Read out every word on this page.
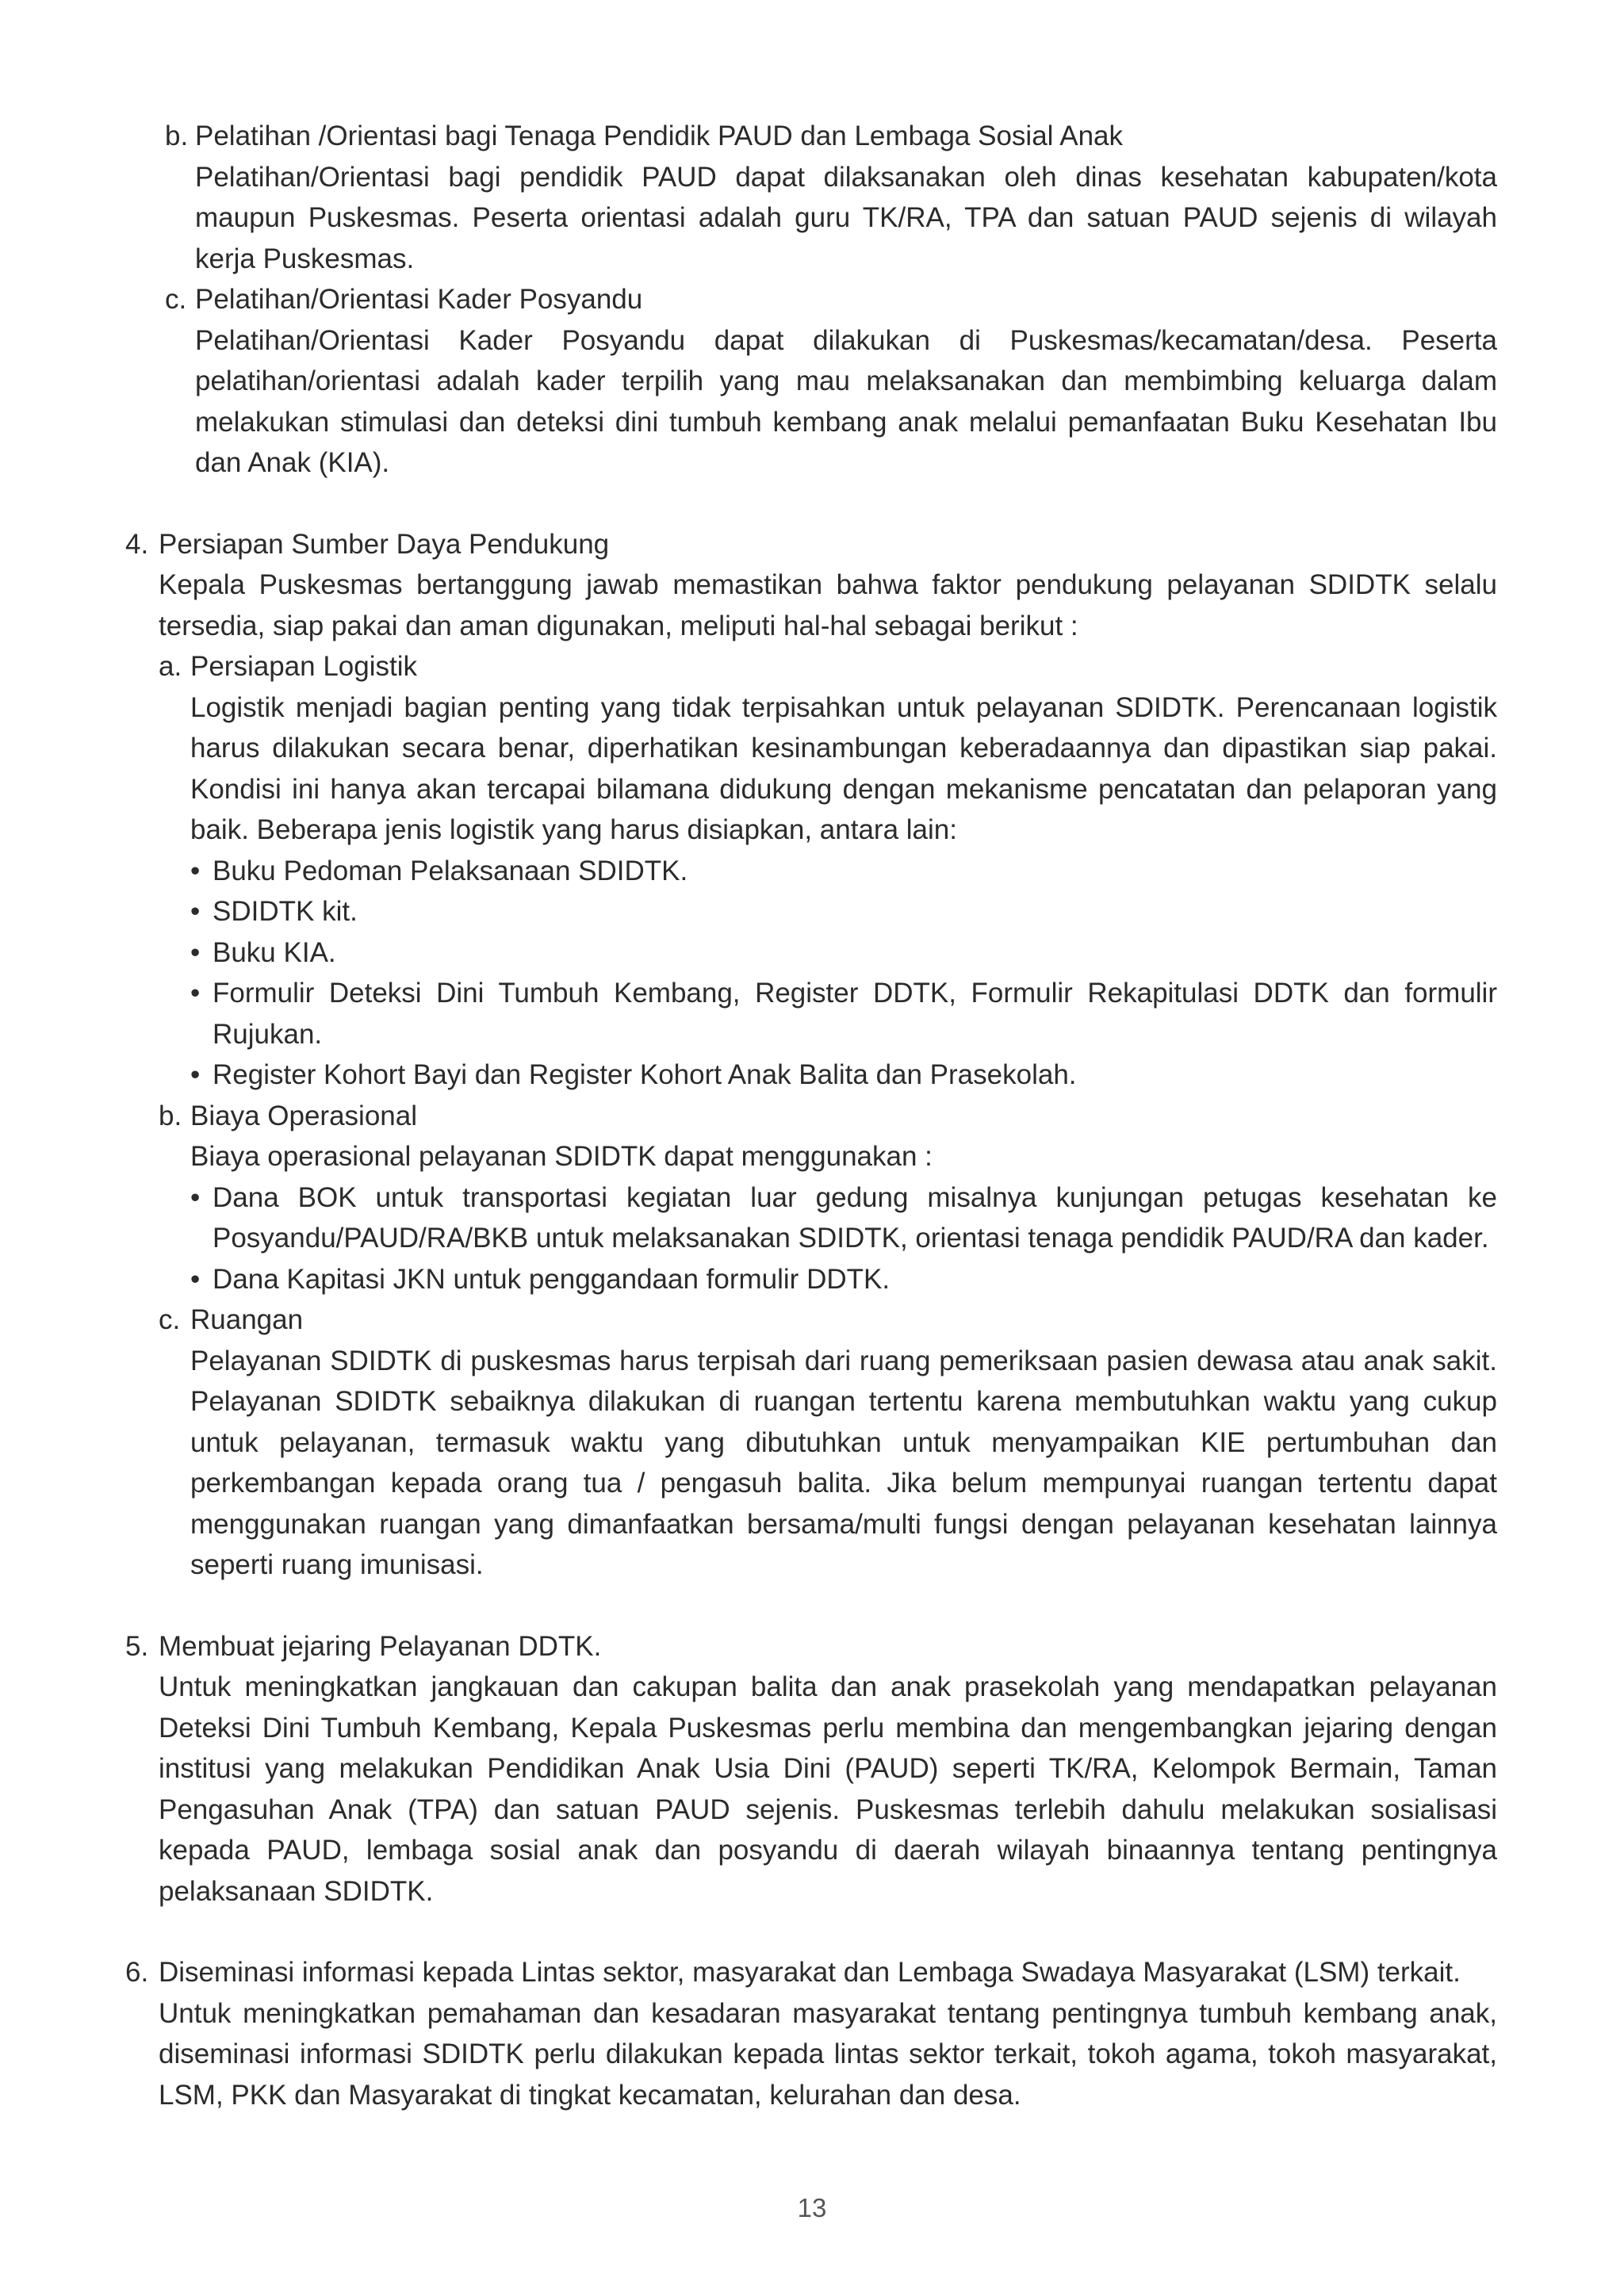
b. Pelatihan /Orientasi bagi Tenaga Pendidik PAUD dan Lembaga Sosial Anak

Pelatihan/Orientasi bagi pendidik PAUD dapat dilaksanakan oleh dinas kesehatan kabupaten/kota maupun Puskesmas. Peserta orientasi adalah guru TK/RA, TPA dan satuan PAUD sejenis di wilayah kerja Puskesmas.

c. Pelatihan/Orientasi Kader Posyandu

Pelatihan/Orientasi Kader Posyandu dapat dilakukan di Puskesmas/kecamatan/desa. Peserta pelatihan/orientasi adalah kader terpilih yang mau melaksanakan dan membimbing keluarga dalam melakukan stimulasi dan deteksi dini tumbuh kembang anak melalui pemanfaatan Buku Kesehatan Ibu dan Anak (KIA).

4. Persiapan Sumber Daya Pendukung

Kepala Puskesmas bertanggung jawab memastikan bahwa faktor pendukung pelayanan SDIDTK selalu tersedia, siap pakai dan aman digunakan, meliputi hal-hal sebagai berikut :

a. Persiapan Logistik

Logistik menjadi bagian penting yang tidak terpisahkan untuk pelayanan SDIDTK. Perencanaan logistik harus dilakukan secara benar, diperhatikan kesinambungan keberadaannya dan dipastikan siap pakai. Kondisi ini hanya akan tercapai bilamana didukung dengan mekanisme pencatatan dan pelaporan yang baik. Beberapa jenis logistik yang harus disiapkan, antara lain:

• Buku Pedoman Pelaksanaan SDIDTK.
• SDIDTK kit.
• Buku KIA.
• Formulir Deteksi Dini Tumbuh Kembang, Register DDTK, Formulir Rekapitulasi DDTK dan formulir Rujukan.
• Register Kohort Bayi dan Register Kohort Anak Balita dan Prasekolah.
b. Biaya Operasional

Biaya operasional pelayanan SDIDTK dapat menggunakan :

• Dana BOK untuk transportasi kegiatan luar gedung misalnya kunjungan petugas kesehatan ke Posyandu/PAUD/RA/BKB untuk melaksanakan SDIDTK, orientasi tenaga pendidik PAUD/RA dan kader.
• Dana Kapitasi JKN untuk penggandaan formulir DDTK.
c. Ruangan

Pelayanan SDIDTK di puskesmas harus terpisah dari ruang pemeriksaan pasien dewasa atau anak sakit. Pelayanan SDIDTK sebaiknya dilakukan di ruangan tertentu karena membutuhkan waktu yang cukup untuk pelayanan, termasuk waktu yang dibutuhkan untuk menyampaikan KIE pertumbuhan dan perkembangan kepada orang tua / pengasuh balita. Jika belum mempunyai ruangan tertentu dapat menggunakan ruangan yang dimanfaatkan bersama/multi fungsi dengan pelayanan kesehatan lainnya seperti ruang imunisasi.

5. Membuat jejaring Pelayanan DDTK.

Untuk meningkatkan jangkauan dan cakupan balita dan anak prasekolah yang mendapatkan pelayanan Deteksi Dini Tumbuh Kembang, Kepala Puskesmas perlu membina dan mengembangkan jejaring dengan institusi yang melakukan Pendidikan Anak Usia Dini (PAUD) seperti TK/RA, Kelompok Bermain, Taman Pengasuhan Anak (TPA) dan satuan PAUD sejenis. Puskesmas terlebih dahulu melakukan sosialisasi kepada PAUD, lembaga sosial anak dan posyandu di daerah wilayah binaannya tentang pentingnya pelaksanaan SDIDTK.

6. Diseminasi informasi kepada Lintas sektor, masyarakat dan Lembaga Swadaya Masyarakat (LSM) terkait.

Untuk meningkatkan pemahaman dan kesadaran masyarakat tentang pentingnya tumbuh kembang anak, diseminasi informasi SDIDTK perlu dilakukan kepada lintas sektor terkait, tokoh agama, tokoh masyarakat, LSM, PKK dan Masyarakat di tingkat kecamatan, kelurahan dan desa.

13
